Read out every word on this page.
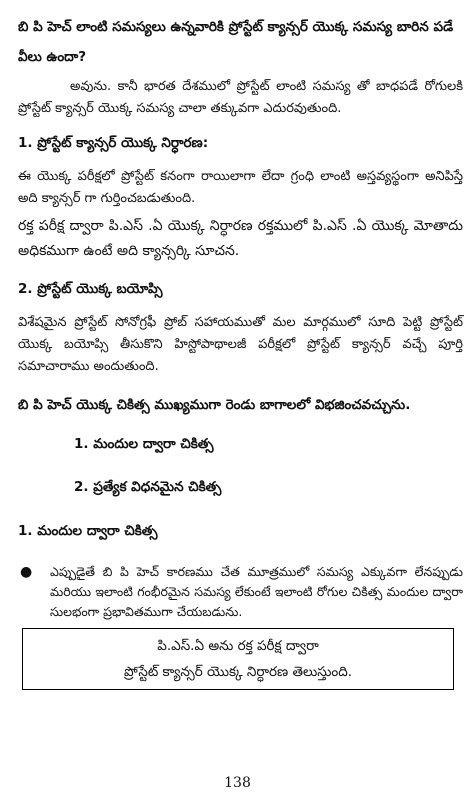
బి పి హెచ్ లాంటి సమస్యలు ఉన్నవారికి ప్రోస్టేట్ క్యాన్సర్ యొక్క సమస్య బారిన పడే వీలు ఉందా?

అవును. కానీ భారత దేశములో ప్రోస్టేట్ లాంటి సమస్య తో బాధపడే రోగులకి ప్రోస్టేట్ క్యాన్సర్ యొక్క సమస్య చాలా తక్కువగా ఎదురవుతుంది.

1. ప్రోస్టేట్ క్యాన్సర్ యొక్క నిర్ధారణ:

ఈ యొక్క పరీక్షలో ప్రోస్టేట్ కనంగా రాయిలాగా లేదా గ్రంధి లాంటి అస్తవ్యస్థంగా అనిపిస్తే అది క్యాన్సర్ గా గుర్తించబడుతుంది.

రక్త పరీక్ష ద్వారా పి.ఎస్ .ఏ యొక్క నిర్ధారణ రక్తములో పి.ఎస్ .ఏ యొక్క మోతాదు అధికముగా ఉంటే అది క్యాన్సర్కి సూచన.

2. ప్రోస్టేట్ యొక్క బయోప్సి

విశేషమైన ప్రోస్టేట్ సోనోగ్రఫీ ప్రోబ్ సహాయముతో మల మార్గములో సూది పెట్టి ప్రోస్టేట్ యొక్క బయోప్సి తీసుకొని హిస్టోపాథాలజీ పరీక్షలో ప్రోస్టేట్ క్యాన్సర్ వచ్చే పూర్తి సమాచారాము అందుతుంది.

బి పి హెచ్ యొక్క చికిత్స ముఖ్యముగా రెండు బాగాలలో విభజించవచ్చును.

1. మందుల ద్వారా చికిత్స

2. ప్రత్యేక విధనమైన చికిత్స

1. మందుల ద్వారా చికిత్స

●	ఎప్పుడైతే బి పి హెచ్ కారణము చేత మూత్రములో సమస్య ఎక్కువగా లేనప్పుడు మరియు ఇలాంటి గంభీరమైన సమస్య లేకుంటే ఇలాంటి రోగుల చికిత్స మందుల ద్వారా సులభంగా ప్రభావితముగా చేయబడును.

పి.ఎస్.ఏ అను రక్త పరీక్ష ద్వారా

ప్రోస్టేట్ క్యాన్సర్ యొక్క నిర్ధారణ తెలుస్తుంది.

138
